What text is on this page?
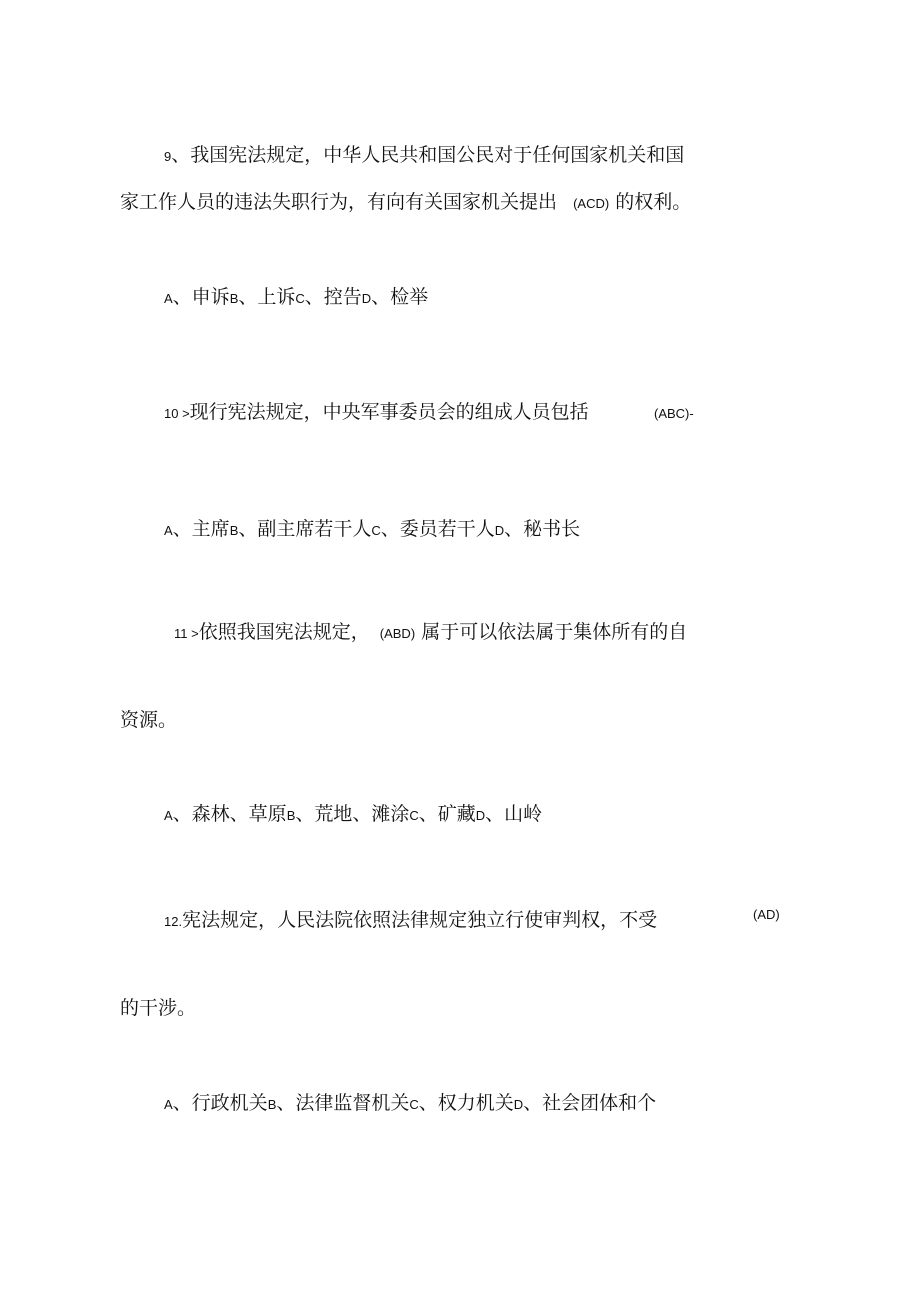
9、我国宪法规定，中华人民共和国公民对于任何国家机关和国
家工作人员的违法失职行为，有向有关国家机关提出 (ACD) 的权利。
A、申诉B、上诉C、控告D、检举
10 >现行宪法规定，中央军事委员会的组成人员包括	(ABC)-
A、主席B、副主席若干人C、委员若干人D、秘书长
11 >依照我国宪法规定， (ABD) 属于可以依法属于集体所有的自
资源。
A、森林、草原B、荒地、滩涂C、矿藏D、山岭
12.宪法规定，人民法院依照法律规定独立行使审判权，不受	(AD)
的干涉。
A、行政机关B、法律监督机关C、权力机关D、社会团体和个
